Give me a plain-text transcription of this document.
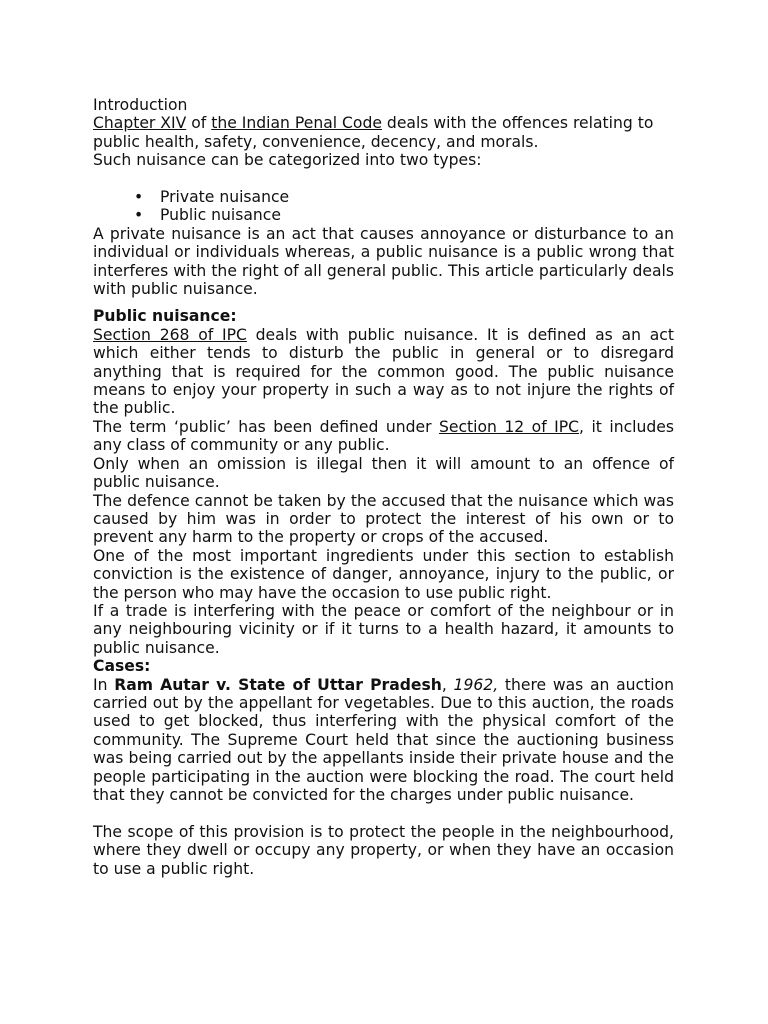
Introduction

Chapter XIV of the Indian Penal Code deals with the offences relating to public health, safety, convenience, decency, and morals.

Such nuisance can be categorized into two types:

• Private nuisance
• Public nuisance

A private nuisance is an act that causes annoyance or disturbance to an individual or individuals whereas, a public nuisance is a public wrong that interferes with the right of all general public. This article particularly deals with public nuisance.

Public nuisance:

Section 268 of IPC deals with public nuisance. It is defined as an act which either tends to disturb the public in general or to disregard anything that is required for the common good. The public nuisance means to enjoy your property in such a way as to not injure the rights of the public.

The term ‘public’ has been defined under Section 12 of IPC, it includes any class of community or any public.

Only when an omission is illegal then it will amount to an offence of public nuisance.

The defence cannot be taken by the accused that the nuisance which was caused by him was in order to protect the interest of his own or to prevent any harm to the property or crops of the accused.

One of the most important ingredients under this section to establish conviction is the existence of danger, annoyance, injury to the public, or the person who may have the occasion to use public right.

If a trade is interfering with the peace or comfort of the neighbour or in any neighbouring vicinity or if it turns to a health hazard, it amounts to public nuisance.

Cases:

In Ram Autar v. State of Uttar Pradesh, 1962, there was an auction carried out by the appellant for vegetables. Due to this auction, the roads used to get blocked, thus interfering with the physical comfort of the community. The Supreme Court held that since the auctioning business was being carried out by the appellants inside their private house and the people participating in the auction were blocking the road. The court held that they cannot be convicted for the charges under public nuisance.

The scope of this provision is to protect the people in the neighbourhood, where they dwell or occupy any property, or when they have an occasion to use a public right.
